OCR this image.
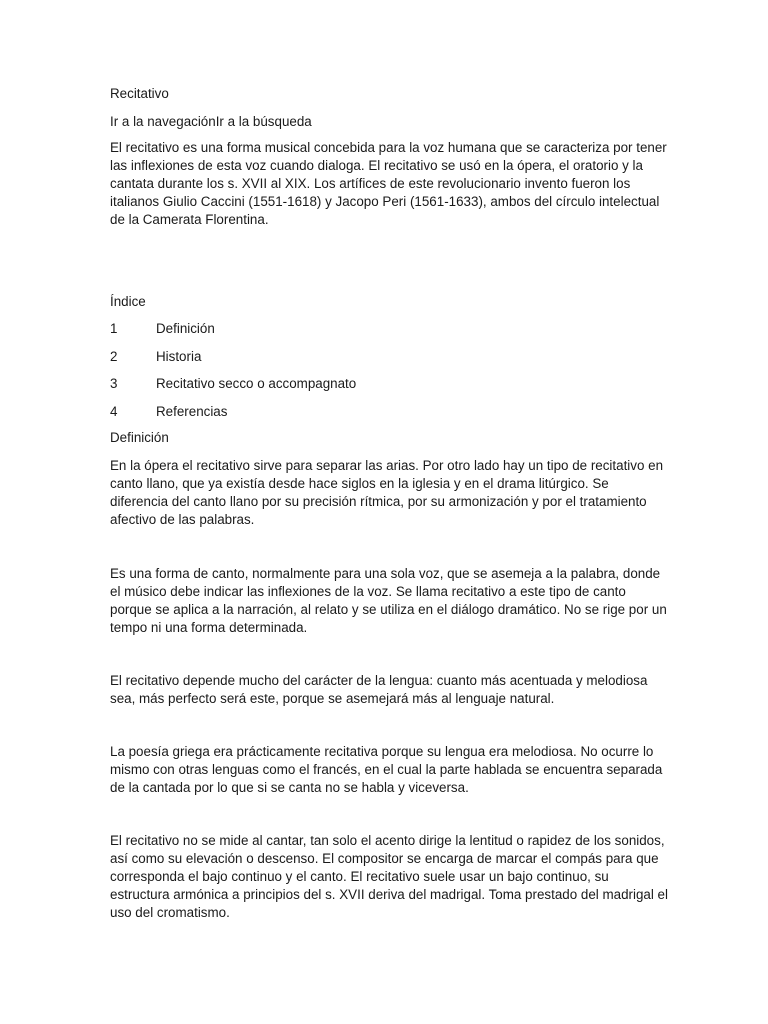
Recitativo
Ir a la navegaciónIr a la búsqueda
El recitativo es una forma musical concebida para la voz humana que se caracteriza por tener las inflexiones de esta voz cuando dialoga. El recitativo se usó en la ópera, el oratorio y la cantata durante los s. XVII al XIX. Los artífices de este revolucionario invento fueron los italianos Giulio Caccini (1551-1618) y Jacopo Peri (1561-1633), ambos del círculo intelectual de la Camerata Florentina.
Índice
1	Definición
2	Historia
3	Recitativo secco o accompagnato
4	Referencias
Definición
En la ópera el recitativo sirve para separar las arias. Por otro lado hay un tipo de recitativo en canto llano, que ya existía desde hace siglos en la iglesia y en el drama litúrgico. Se diferencia del canto llano por su precisión rítmica, por su armonización y por el tratamiento afectivo de las palabras.
Es una forma de canto, normalmente para una sola voz, que se asemeja a la palabra, donde el músico debe indicar las inflexiones de la voz. Se llama recitativo a este tipo de canto porque se aplica a la narración, al relato y se utiliza en el diálogo dramático. No se rige por un tempo ni una forma determinada.
El recitativo depende mucho del carácter de la lengua: cuanto más acentuada y melodiosa sea, más perfecto será este, porque se asemejará más al lenguaje natural.
La poesía griega era prácticamente recitativa porque su lengua era melodiosa. No ocurre lo mismo con otras lenguas como el francés, en el cual la parte hablada se encuentra separada de la cantada por lo que si se canta no se habla y viceversa.
El recitativo no se mide al cantar, tan solo el acento dirige la lentitud o rapidez de los sonidos, así como su elevación o descenso. El compositor se encarga de marcar el compás para que corresponda el bajo continuo y el canto. El recitativo suele usar un bajo continuo, su estructura armónica a principios del s. XVII deriva del madrigal. Toma prestado del madrigal el uso del cromatismo.
